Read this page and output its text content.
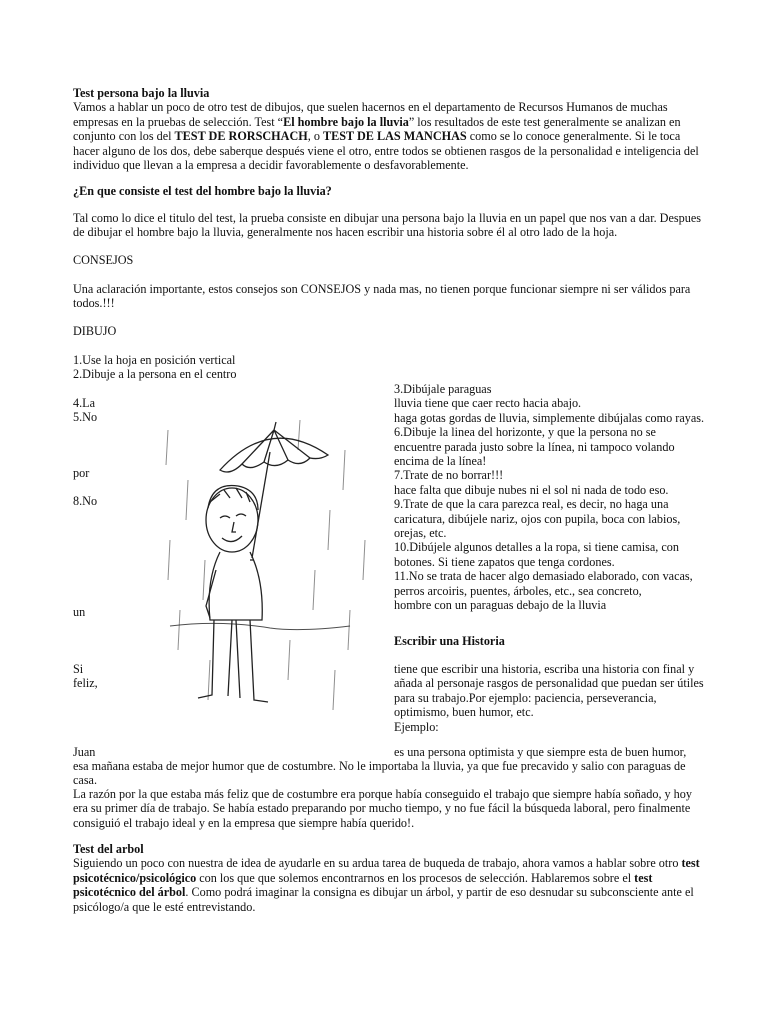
Test persona bajo la lluvia
Vamos a hablar un poco de otro test de dibujos, que suelen hacernos en el departamento de Recursos Humanos de muchas empresas en la pruebas de selección. Test “El hombre bajo la lluvia” los resultados de este test generalmente se analizan en conjunto con los del TEST DE RORSCHACH, o TEST DE LAS MANCHAS como se lo conoce generalmente. Si le toca hacer alguno de los dos, debe saberque después viene el otro, entre todos se obtienen rasgos de la personalidad e inteligencia del individuo que llevan a la empresa a decidir favorablemente o desfavorablemente.
¿En que consiste el test del hombre bajo la lluvia?
Tal como lo dice el titulo del test, la prueba consiste en dibujar una persona bajo la lluvia en un papel que nos van a dar. Despues de dibujar el hombre bajo la lluvia, generalmente nos hacen escribir una historia sobre él al otro lado de la hoja.
CONSEJOS
Una aclaración importante, estos consejos son CONSEJOS y nada mas, no tienen porque funcionar siempre ni ser válidos para todos.!!!
DIBUJO
1.Use la hoja en posición vertical
2.Dibuje a la persona en el centro
4.La
5.No
por
8.No
un
3.Dibújale paraguas
lluvia tiene que caer recto hacia abajo.
haga gotas gordas de lluvia, simplemente dibújalas como rayas.
6.Dibuje la linea del horizonte, y que la persona no se encuentre parada justo sobre la línea, ni tampoco volando
encima de la línea!
7.Trate de no borrar!!!
hace falta que dibuje nubes ni el sol ni nada de todo eso.
9.Trate de que la cara parezca real, es decir, no haga una caricatura, dibújele nariz, ojos con pupila, boca con labios, orejas, etc.
10.Dibújele algunos detalles a la ropa, si tiene camisa, con botones. Si tiene zapatos que tenga cordones.
11.No se trata de hacer algo demasiado elaborado, con vacas, perros arcoiris, puentes, árboles, etc., sea concreto,
hombre con un paraguas debajo de la lluvia
Escribir una Historia
Si
feliz,
tiene que escribir una historia, escriba una historia con final y añada al personaje rasgos de personalidad que puedan ser útiles para su trabajo.Por ejemplo: paciencia, perseverancia, optimismo, buen humor, etc.
Ejemplo:
Juan	es una persona optimista y que siempre esta de buen humor,
esa mañana estaba de mejor humor que de costumbre. No le importaba la lluvia, ya que fue precavido y salio con paraguas de casa.
La razón por la que estaba más feliz que de costumbre era porque había conseguido el trabajo que siempre había soñado, y hoy era su primer día de trabajo. Se había estado preparando por mucho tiempo, y no fue fácil la búsqueda laboral, pero finalmente consiguió el trabajo ideal y en la empresa que siempre había querido!.
Test del arbol
Siguiendo un poco con nuestra de idea de ayudarle en su ardua tarea de buqueda de trabajo, ahora vamos a hablar sobre otro test psicotécnico/psicológico con los que que solemos encontrarnos en los procesos de selección. Hablaremos sobre el test psicotécnico del árbol. Como podrá imaginar la consigna es dibujar un árbol, y partir de eso desnudar su subconsciente ante el psicólogo/a que le esté entrevistando.
